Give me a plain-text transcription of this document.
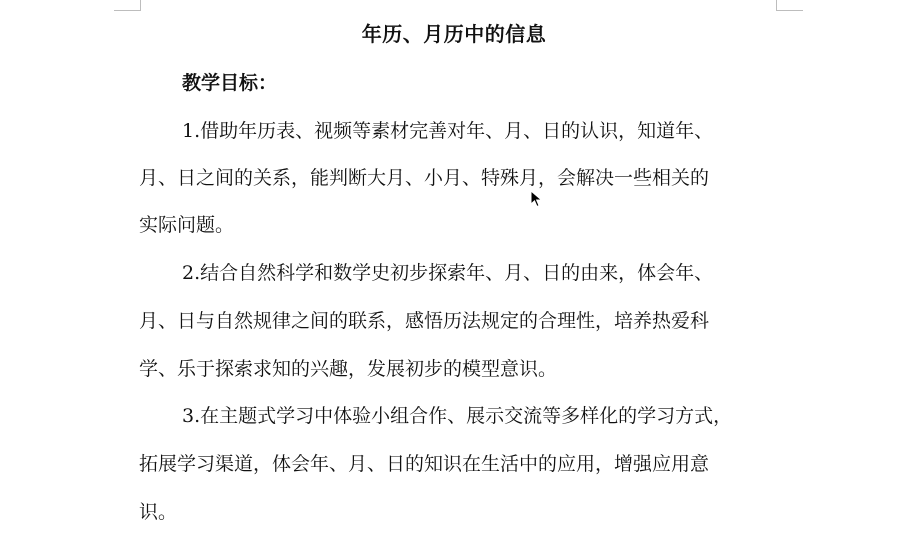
年历、月历中的信息
教学目标：
1.借助年历表、视频等素材完善对年、月、日的认识，知道年、
月、日之间的关系，能判断大月、小月、特殊月，会解决一些相关的
实际问题。
2.结合自然科学和数学史初步探索年、月、日的由来，体会年、
月、日与自然规律之间的联系，感悟历法规定的合理性，培养热爱科
学、乐于探索求知的兴趣，发展初步的模型意识。
3.在主题式学习中体验小组合作、展示交流等多样化的学习方式，
拓展学习渠道，体会年、月、日的知识在生活中的应用，增强应用意
识。
